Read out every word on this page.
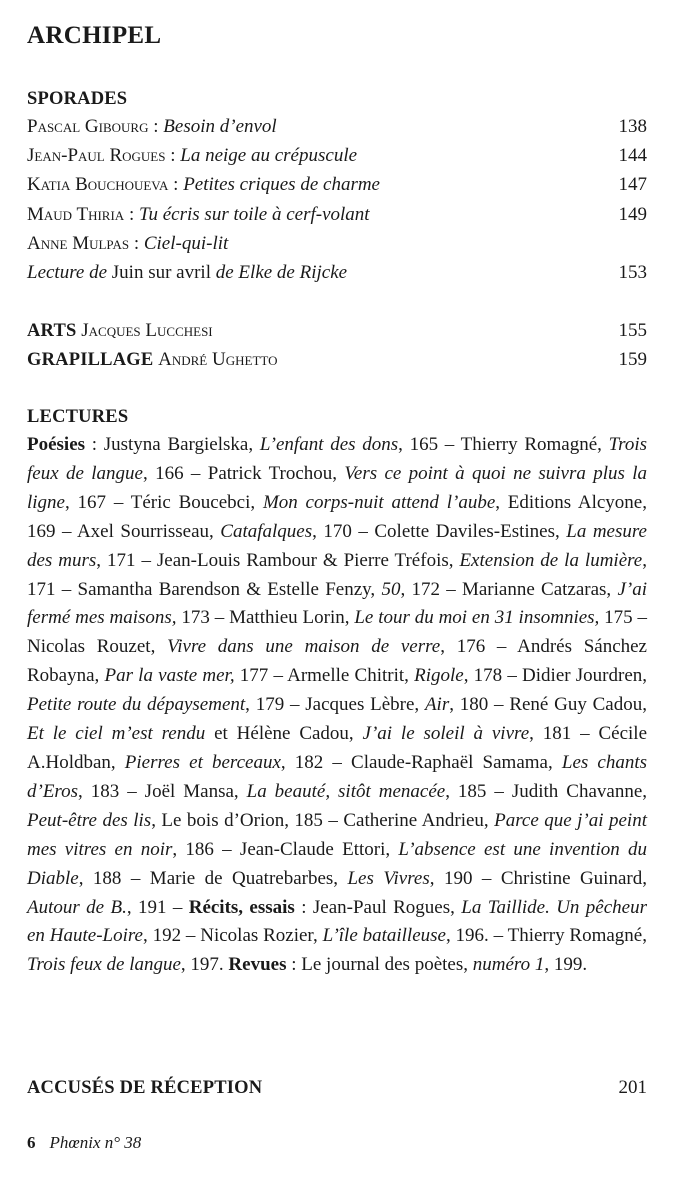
ARCHIPEL
SPORADES
Pascal Gibourg : Besoin d’envol	138
Jean-Paul Rogues : La neige au crépuscule	144
Katia Bouchoueva : Petites criques de charme	147
Maud Thiria : Tu écris sur toile à cerf-volant	149
Anne Mulpas : Ciel-qui-lit
Lecture de Juin sur avril de Elke de Rijcke	153
ARTS Jacques Lucchesi	155
GRAPILLAGE André Ughetto	159
LECTURES

Poésies : Justyna Bargielska, L’enfant des dons, 165 – Thierry Romagné, Trois feux de langue, 166 – Patrick Trochou, Vers ce point à quoi ne suivra plus la ligne, 167 – Téric Boucebci, Mon corps-nuit attend l’aube, Editions Alcyone, 169 – Axel Sourrisseau, Catafalques, 170 – Colette Daviles-Estines, La mesure des murs, 171 – Jean-Louis Rambour & Pierre Tréfois, Extension de la lumière, 171 – Samantha Barendson & Estelle Fenzy, 50, 172 – Marianne Catzaras, J’ai fermé mes maisons, 173 – Matthieu Lorin, Le tour du moi en 31 insomnies, 175 – Nicolas Rouzet, Vivre dans une maison de verre, 176 – Andrés Sánchez Robayna, Par la vaste mer, 177 – Armelle Chitrit, Rigole, 178 – Didier Jourdren, Petite route du dépaysement, 179 – Jacques Lèbre, Air, 180 – René Guy Cadou, Et le ciel m’est rendu et Hélène Cadou, J’ai le soleil à vivre, 181 – Cécile A.Holdban, Pierres et berceaux, 182 – Claude-Raphaël Samama, Les chants d’Eros, 183 – Joël Mansa, La beauté, sitôt menacée, 185 – Judith Chavanne, Peut-être des lis, Le bois d’Orion, 185 – Catherine Andrieu, Parce que j’ai peint mes vitres en noir, 186 – Jean-Claude Ettori, L’absence est une invention du Diable, 188 – Marie de Quatrebarbes, Les Vivres, 190 – Christine Guinard, Autour de B., 191 – Récits, essais : Jean-Paul Rogues, La Taillide. Un pêcheur en Haute-Loire, 192 – Nicolas Rozier, L’île batailleuse, 196. – Thierry Romagné, Trois feux de langue, 197. Revues : Le journal des poètes, numéro 1, 199.

ACCUSÉS DE RÉCEPTION	201
6 Phœnix n° 38
